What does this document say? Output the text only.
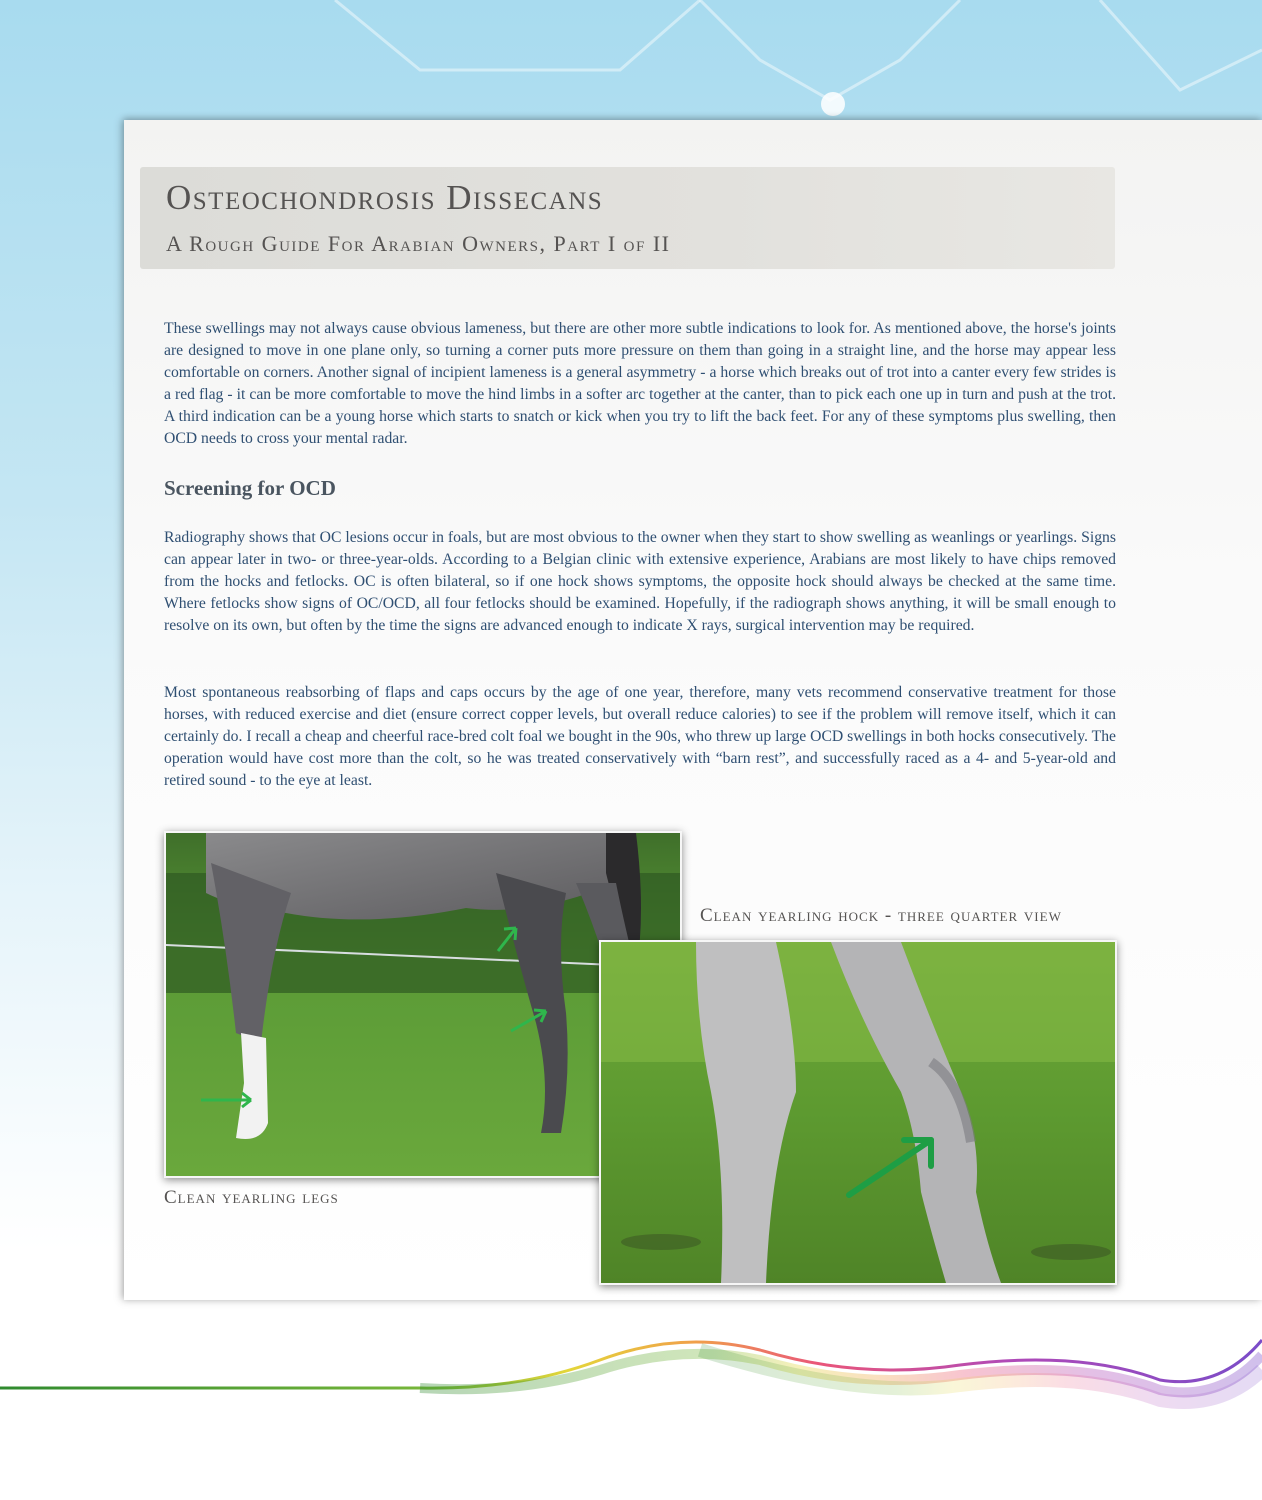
Osteochondrosis Dissecans
A Rough Guide For Arabian Owners, Part I of II

These swellings may not always cause obvious lameness, but there are other more subtle indications to look for. As mentioned above, the horse's joints are designed to move in one plane only, so turning a corner puts more pressure on them than going in a straight line, and the horse may appear less comfortable on corners. Another signal of incipient lameness is a general asymmetry - a horse which breaks out of trot into a canter every few strides is a red flag - it can be more comfortable to move the hind limbs in a softer arc together at the canter, than to pick each one up in turn and push at the trot. A third indication can be a young horse which starts to snatch or kick when you try to lift the back feet. For any of these symptoms plus swelling, then OCD needs to cross your mental radar.

Screening for OCD

Radiography shows that OC lesions occur in foals, but are most obvious to the owner when they start to show swelling as weanlings or yearlings. Signs can appear later in two- or three-year-olds. According to a Belgian clinic with extensive experience, Arabians are most likely to have chips removed from the hocks and fetlocks. OC is often bilateral, so if one hock shows symptoms, the opposite hock should always be checked at the same time. Where fetlocks show signs of OC/OCD, all four fetlocks should be examined. Hopefully, if the radiograph shows anything, it will be small enough to resolve on its own, but often by the time the signs are advanced enough to indicate X rays, surgical intervention may be required.

Most spontaneous reabsorbing of flaps and caps occurs by the age of one year, therefore, many vets recommend conservative treatment for those horses, with reduced exercise and diet (ensure correct copper levels, but overall reduce calories) to see if the problem will remove itself, which it can certainly do. I recall a cheap and cheerful race-bred colt foal we bought in the 90s, who threw up large OCD swellings in both hocks consecutively. The operation would have cost more than the colt, so he was treated conservatively with “barn rest”, and successfully raced as a 4- and 5-year-old and retired sound - to the eye at least.

Clean yearling legs
Clean yearling hock - three quarter view
